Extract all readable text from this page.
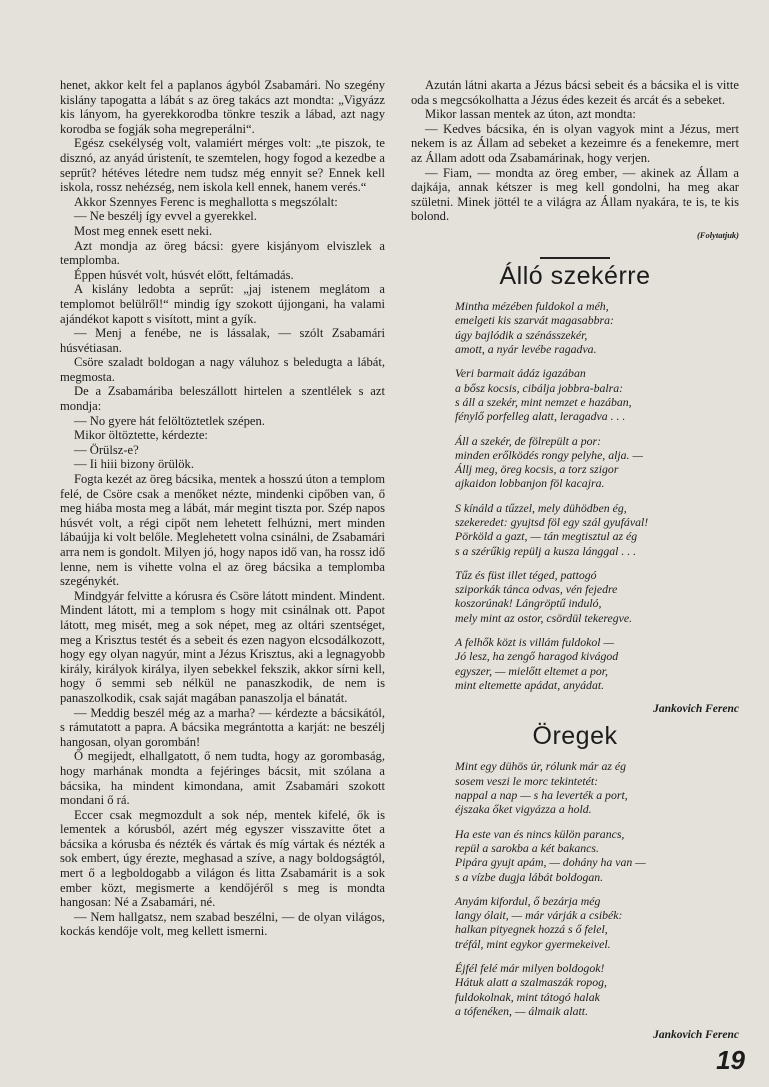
henet, akkor kelt fel a paplanos ágyból Zsabamári. No szegény kislány tapogatta a lábát s az öreg takács azt mondta: „Vigyázz kis lányom, ha gyerekkorodba tönkre teszik a lábad, azt nagy korodba se fogják soha megreperálni“.

Egész csekélység volt, valamiért mérges volt: „te piszok, te disznó, az anyád úristenít, te szemtelen, hogy fogod a kezedbe a seprűt? hétéves létedre nem tudsz még ennyit se? Ennek kell iskola, rossz nehézség, nem iskola kell ennek, hanem verés.“

Akkor Szennyes Ferenc is meghallotta s megszólalt:

— Ne beszélj így evvel a gyerekkel.

Most meg ennek esett neki.

Azt mondja az öreg bácsi: gyere kisjányom elviszlek a templomba.

Éppen húsvét volt, húsvét előtt, feltámadás.

A kislány ledobta a seprűt: „jaj istenem meglátom a templomot belülről!“ mindig így szokott újjongani, ha valami ajándékot kapott s visított, mint a gyík.

— Menj a fenébe, ne is lássalak, — szólt Zsabamári húsvétiasan.

Csöre szaladt boldogan a nagy váluhoz s beledugta a lábát, megmosta.

De a Zsabamáriba beleszállott hirtelen a szentlélek s azt mondja:

— No gyere hát felöltöztetlek szépen.

Mikor öltöztette, kérdezte:

— Örülsz-e?

— Ii hiii bizony örülök.

Fogta kezét az öreg bácsika, mentek a hosszú úton a templom felé, de Csöre csak a menőket nézte, mindenki cipőben van, ő meg hiába mosta meg a lábát, már megint tiszta por. Szép napos húsvét volt, a régi cipőt nem lehetett felhúzni, mert minden lábaújja ki volt belőle. Meglehetett volna csinálni, de Zsabamári arra nem is gondolt. Milyen jó, hogy napos idő van, ha rossz idő lenne, nem is vihette volna el az öreg bácsika a templomba szegénykét.

Mindgyár felvitte a kórusra és Csöre látott mindent. Mindent. Mindent látott, mi a templom s hogy mit csinálnak ott. Papot látott, meg misét, meg a sok népet, meg az oltári szentséget, meg a Krisztus testét és a sebeit és ezen nagyon elcsodálkozott, hogy egy olyan nagyúr, mint a Jézus Krisztus, aki a legnagyobb király, királyok királya, ilyen sebekkel fekszik, akkor sírni kell, hogy ő semmi seb nélkül ne panaszkodik, de nem is panaszolkodik, csak saját magában panaszolja el bánatát.

— Meddig beszél még az a marha? — kérdezte a bácsikától, s rámutatott a papra. A bácsika megrántotta a karját: ne beszélj hangosan, olyan gorombán!

Ő megijedt, elhallgatott, ő nem tudta, hogy az gorombaság, hogy marhának mondta a fejéringes bácsit, mit szólana a bácsika, ha mindent kimondana, amit Zsabamári szokott mondani ő rá.

Eccer csak megmozdult a sok nép, mentek kifelé, ők is lementek a kórusból, azért még egyszer visszavitte őtet a bácsika a kórusba és nézték és vártak és míg vártak és nézték a sok embert, úgy érezte, meghasad a szíve, a nagy boldogságtól, mert ő a legboldogabb a világon és litta Zsabamárit is a sok ember közt, megismerte a kendőjéről s meg is mondta hangosan: Né a Zsabamári, né.

— Nem hallgatsz, nem szabad beszélni, — de olyan világos, kockás kendője volt, meg kellett ismerni.

Azután látni akarta a Jézus bácsi sebeit és a bácsika el is vitte oda s megcsókolhatta a Jézus édes kezeit és arcát és a sebeket.

Mikor lassan mentek az úton, azt mondta:

— Kedves bácsika, én is olyan vagyok mint a Jézus, mert nekem is az Állam ad sebeket a kezeimre és a fenekemre, mert az Állam adott oda Zsabamárinak, hogy verjen.

— Fiam, — mondta az öreg ember, — akinek az Állam a dajkája, annak kétszer is meg kell gondolni, ha meg akar születni. Minek jöttél te a világra az Állam nyakára, te is, te kis bolond.

(Folytatjuk)
Álló szekérre
Mintha mézében fuldokol a méh,
emelgeti kis szarvát magasabbra:
úgy bajlódik a szénásszekér,
amott, a nyár levébe ragadva.
Veri barmait ádáz igazában
a bősz kocsis, cibálja jobbra-balra:
s áll a szekér, mint nemzet e hazában,
fénylő porfelleg alatt, leragadva . . .
Áll a szekér, de fölrepült a por:
minden erőlködés rongy pelyhe, alja. —
Állj meg, öreg kocsis, a torz szigor
ajkaidon lobbanjon föl kacajra.
S kínáld a tűzzel, mely dühödben ég,
szekeredet: gyujtsd föl egy szál gyufával!
Pörköld a gazt, — tán megtisztul az ég
s a szérűkig repülj a kusza lánggal . . .
Tűz és füst illet téged, pattogó
sziporkák tánca odvas, vén fejedre
koszorúnak! Lángröptű induló,
mely mint az ostor, csördül tekeregve.
A felhők közt is villám fuldokol —
Jó lesz, ha zengő haragod kivágod
egyszer, — mielőtt eltemet a por,
mint eltemette apádat, anyádat.
Jankovich Ferenc
Öregek
Mint egy dühös úr, rólunk már az ég
sosem veszi le morc tekintetét:
nappal a nap — s ha leverték a port,
éjszaka őket vigyázza a hold.
Ha este van és nincs külön parancs,
repül a sarokba a két bakancs.
Pipára gyujt apám, — dohány ha van —
s a vízbe dugja lábát boldogan.
Anyám kifordul, ő bezárja még
langy ólait, — már várják a csibék:
halkan pityegnek hozzá s ő felel,
tréfál, mint egykor gyermekeivel.
Éjfél felé már milyen boldogok!
Hátuk alatt a szalmaszák ropog,
fuldokolnak, mint tátogó halak
a tófenéken, — álmaik alatt.
Jankovich Ferenc
19
